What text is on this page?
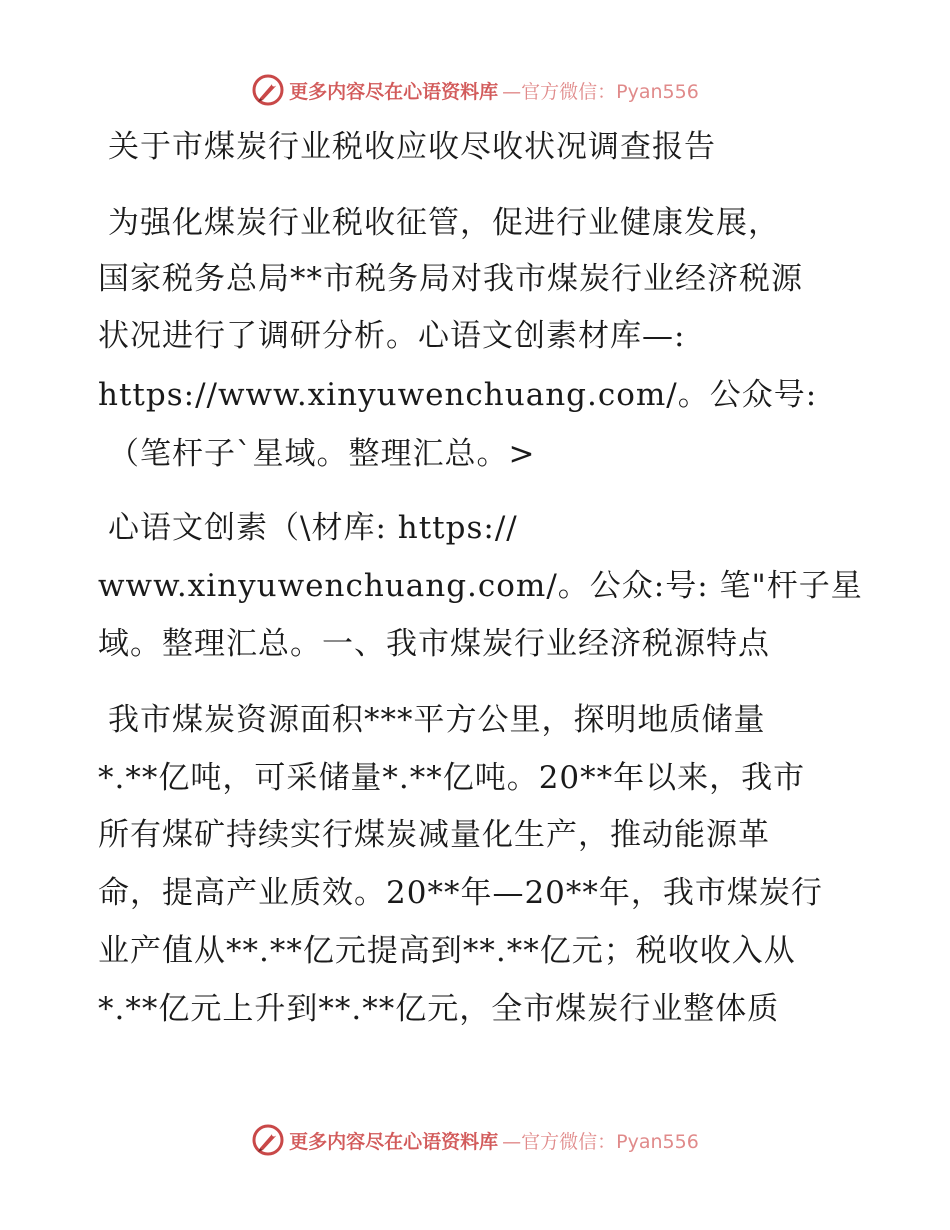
更多内容尽在心语资料库 —官方微信：Pyan556
关于市煤炭行业税收应收尽收状况调查报告
为强化煤炭行业税收征管，促进行业健康发展，
国家税务总局**市税务局对我市煤炭行业经济税源
状况进行了调研分析。心语文创素材库—:
https://www.xinyuwenchuang.com/。公众号:
（笔杆子`星域。整理汇总。>
心语文创素（\材库: https://
www.xinyuwenchuang.com/。公众:号: 笔"杆子星
域。整理汇总。一、我市煤炭行业经济税源特点
我市煤炭资源面积***平方公里，探明地质储量
*.**亿吨，可采储量*.**亿吨。20**年以来，我市
所有煤矿持续实行煤炭减量化生产，推动能源革
命，提高产业质效。20**年—20**年，我市煤炭行
业产值从**.**亿元提高到**.**亿元；税收收入从
*.**亿元上升到**.**亿元，全市煤炭行业整体质
更多内容尽在心语资料库 —官方微信：Pyan556
